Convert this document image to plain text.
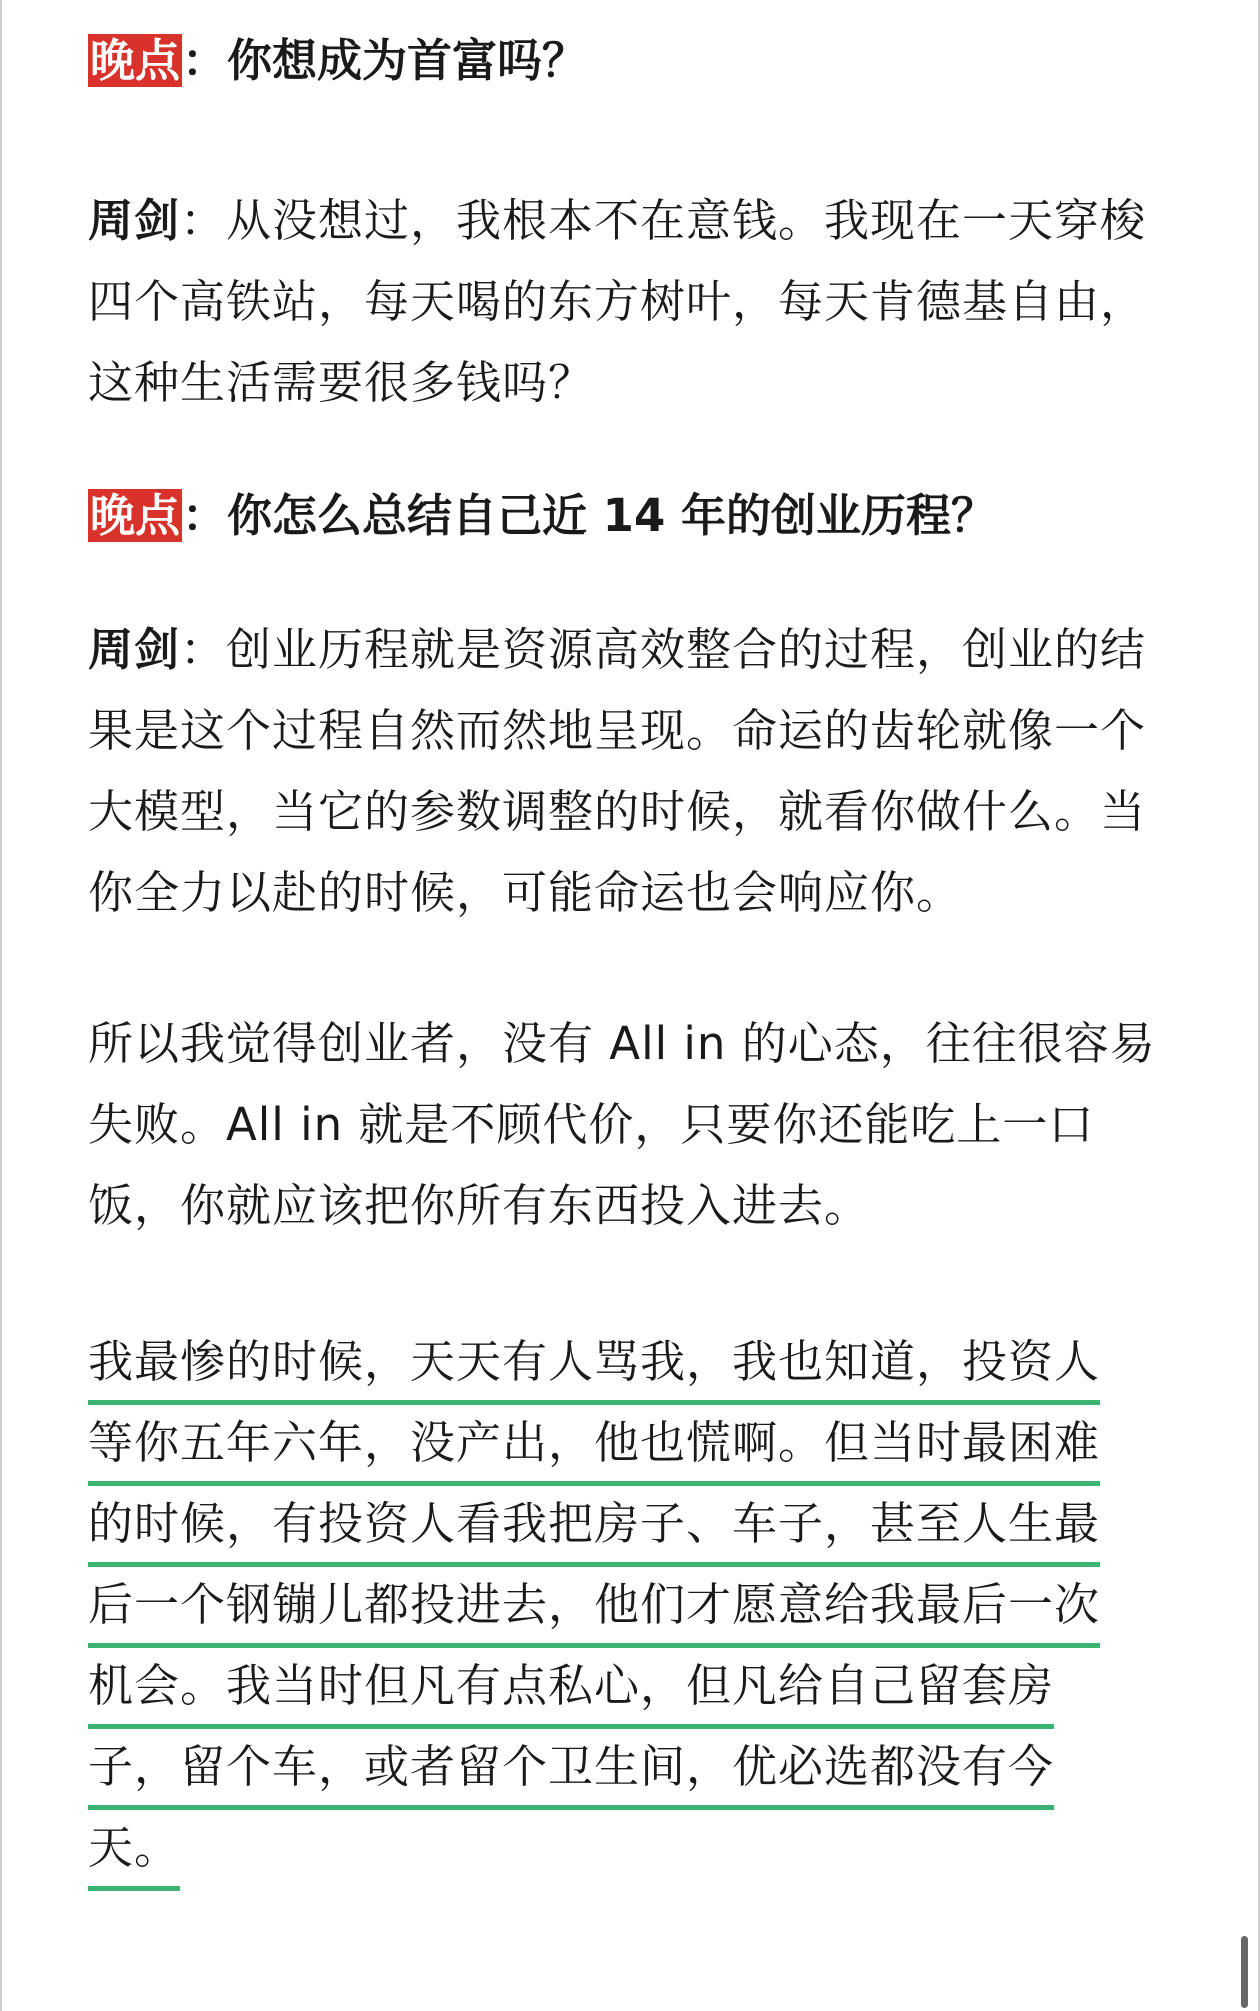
晚点：你想成为首富吗？

周剑：从没想过，我根本不在意钱。我现在一天穿梭四个高铁站，每天喝的东方树叶，每天肯德基自由，这种生活需要很多钱吗？

晚点：你怎么总结自己近 14 年的创业历程？

周剑：创业历程就是资源高效整合的过程，创业的结果是这个过程自然而然地呈现。命运的齿轮就像一个大模型，当它的参数调整的时候，就看你做什么。当你全力以赴的时候，可能命运也会响应你。

所以我觉得创业者，没有 All in 的心态，往往很容易失败。All in 就是不顾代价，只要你还能吃上一口饭，你就应该把你所有东西投入进去。

我最惨的时候，天天有人骂我，我也知道，投资人
等你五年六年，没产出，他也慌啊。但当时最困难
的时候，有投资人看我把房子、车子，甚至人生最
后一个钢镚儿都投进去，他们才愿意给我最后一次
机会。我当时但凡有点私心，但凡给自己留套房
子，留个车，或者留个卫生间，优必选都没有今
天。
